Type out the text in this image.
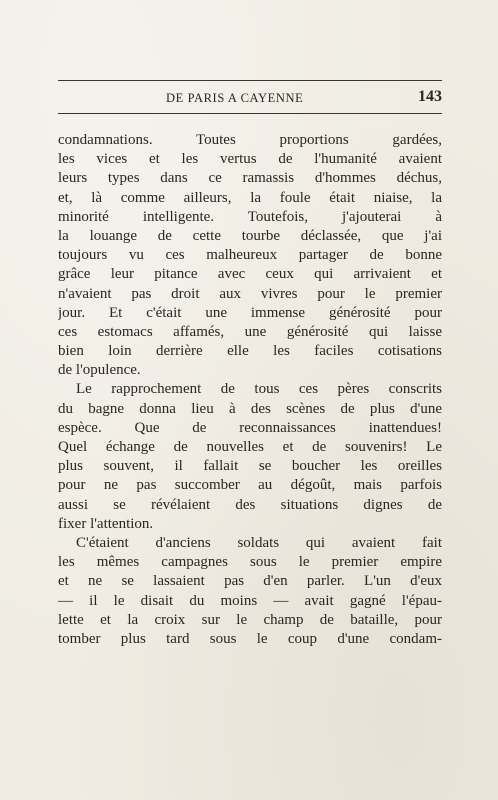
DE PARIS A CAYENNE	143
condamnations. Toutes proportions gardées,
les vices et les vertus de l'humanité avaient
leurs types dans ce ramassis d'hommes déchus,
et, là comme ailleurs, la foule était niaise, la
minorité intelligente. Toutefois, j'ajouterai à
la louange de cette tourbe déclassée, que j'ai
toujours vu ces malheureux partager de bonne
grâce leur pitance avec ceux qui arrivaient et
n'avaient pas droit aux vivres pour le premier
jour. Et c'était une immense générosité pour
ces estomacs affamés, une générosité qui laisse
bien loin derrière elle les faciles cotisations
de l'opulence.
Le rapprochement de tous ces pères conscrits
du bagne donna lieu à des scènes de plus d'une
espèce. Que de reconnaissances inattendues!
Quel échange de nouvelles et de souvenirs! Le
plus souvent, il fallait se boucher les oreilles
pour ne pas succomber au dégoût, mais parfois
aussi se révélaient des situations dignes de
fixer l'attention.
C'étaient d'anciens soldats qui avaient fait
les mêmes campagnes sous le premier empire
et ne se lassaient pas d'en parler. L'un d'eux
— il le disait du moins — avait gagné l'épau-
lette et la croix sur le champ de bataille, pour
tomber plus tard sous le coup d'une condam-
